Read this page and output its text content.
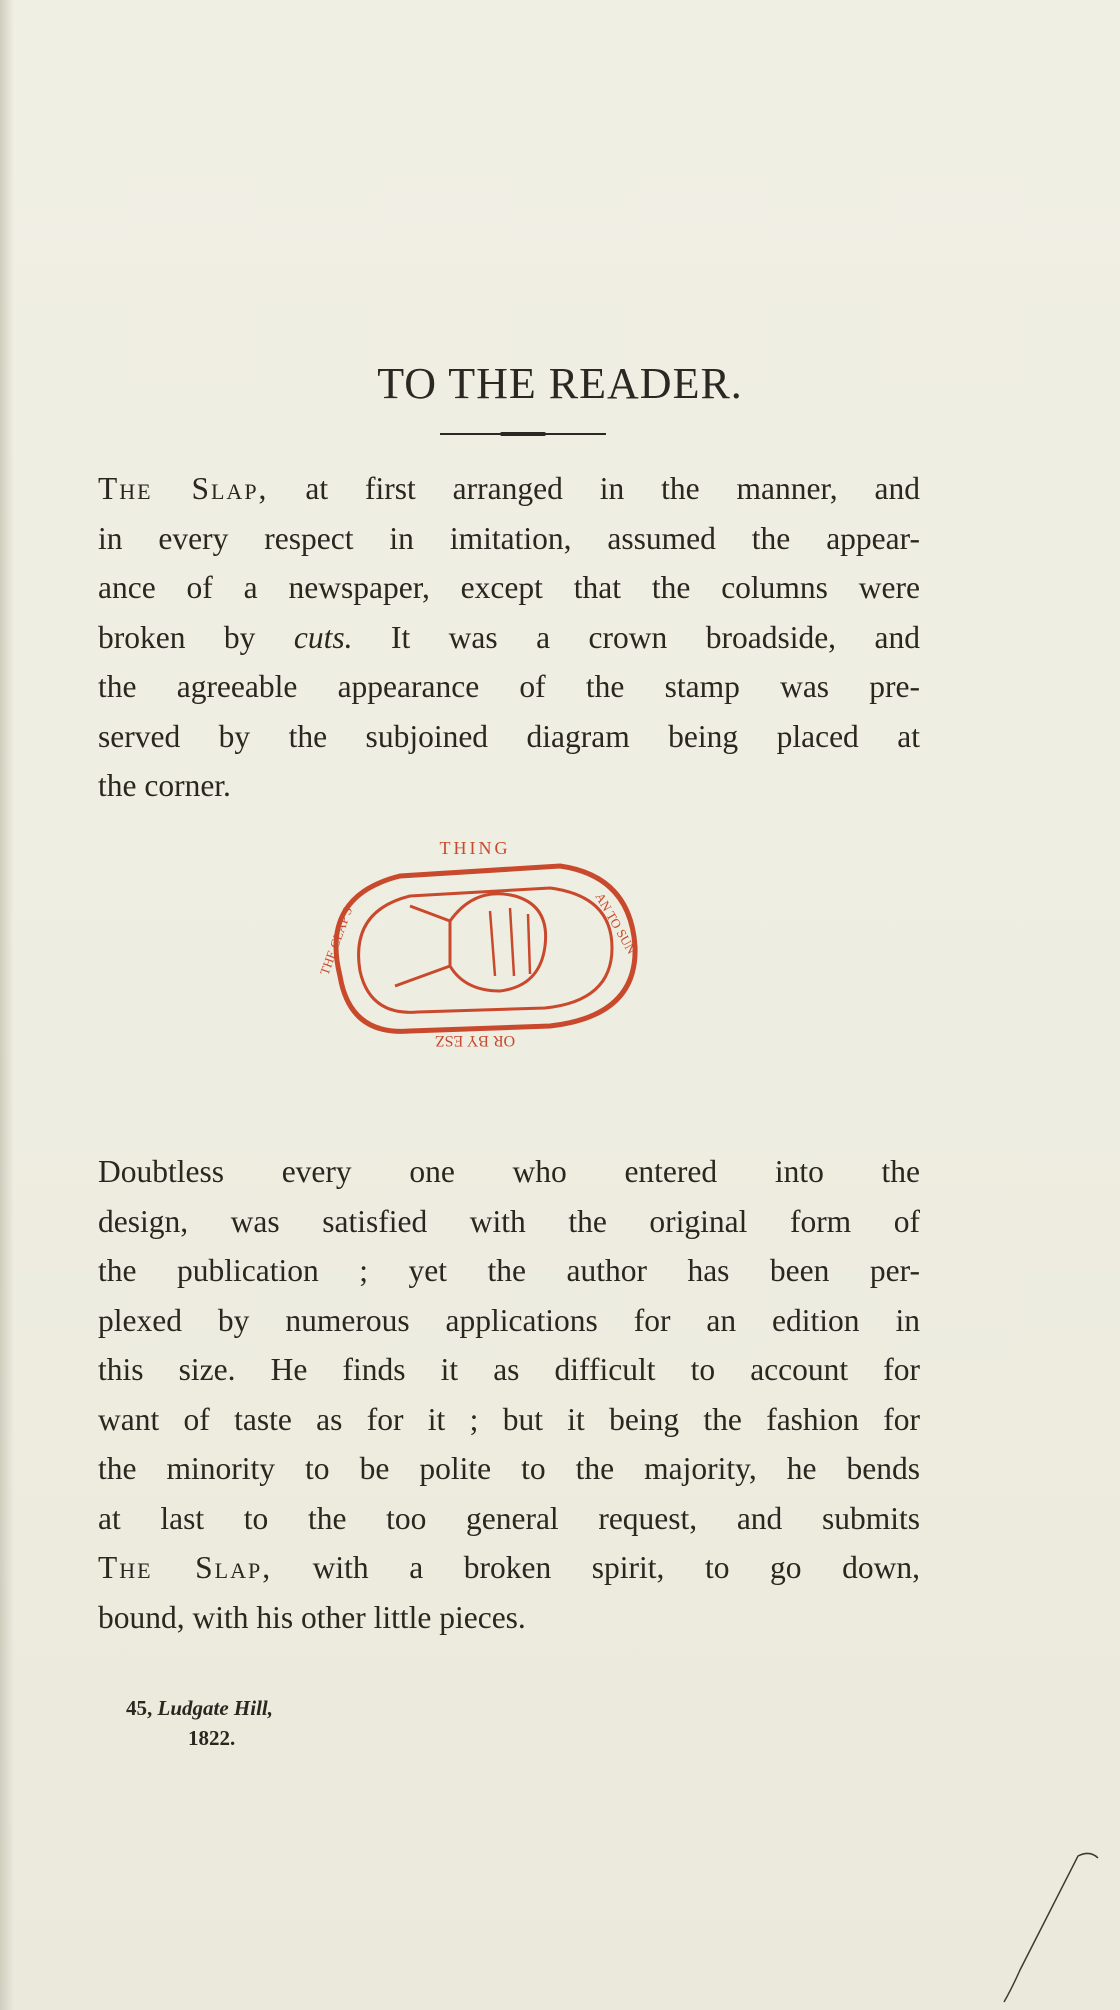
TO THE READER.
The Slap, at first arranged in the manner, and
in every respect in imitation, assumed the appear-
ance of a newspaper, except that the columns were
broken by cuts. It was a crown broadside, and
the agreeable appearance of the stamp was pre-
served by the subjoined diagram being placed at
the corner.
THING
THE CLAP'S	AN TO SUN
OR BY ESZ
Doubtless every one who entered into the
design, was satisfied with the original form of
the publication ; yet the author has been per-
plexed by numerous applications for an edition in
this size. He finds it as difficult to account for
want of taste as for it ; but it being the fashion for
the minority to be polite to the majority, he bends
at last to the too general request, and submits
The Slap, with a broken spirit, to go down,
bound, with his other little pieces.
45, Ludgate Hill,
1822.
